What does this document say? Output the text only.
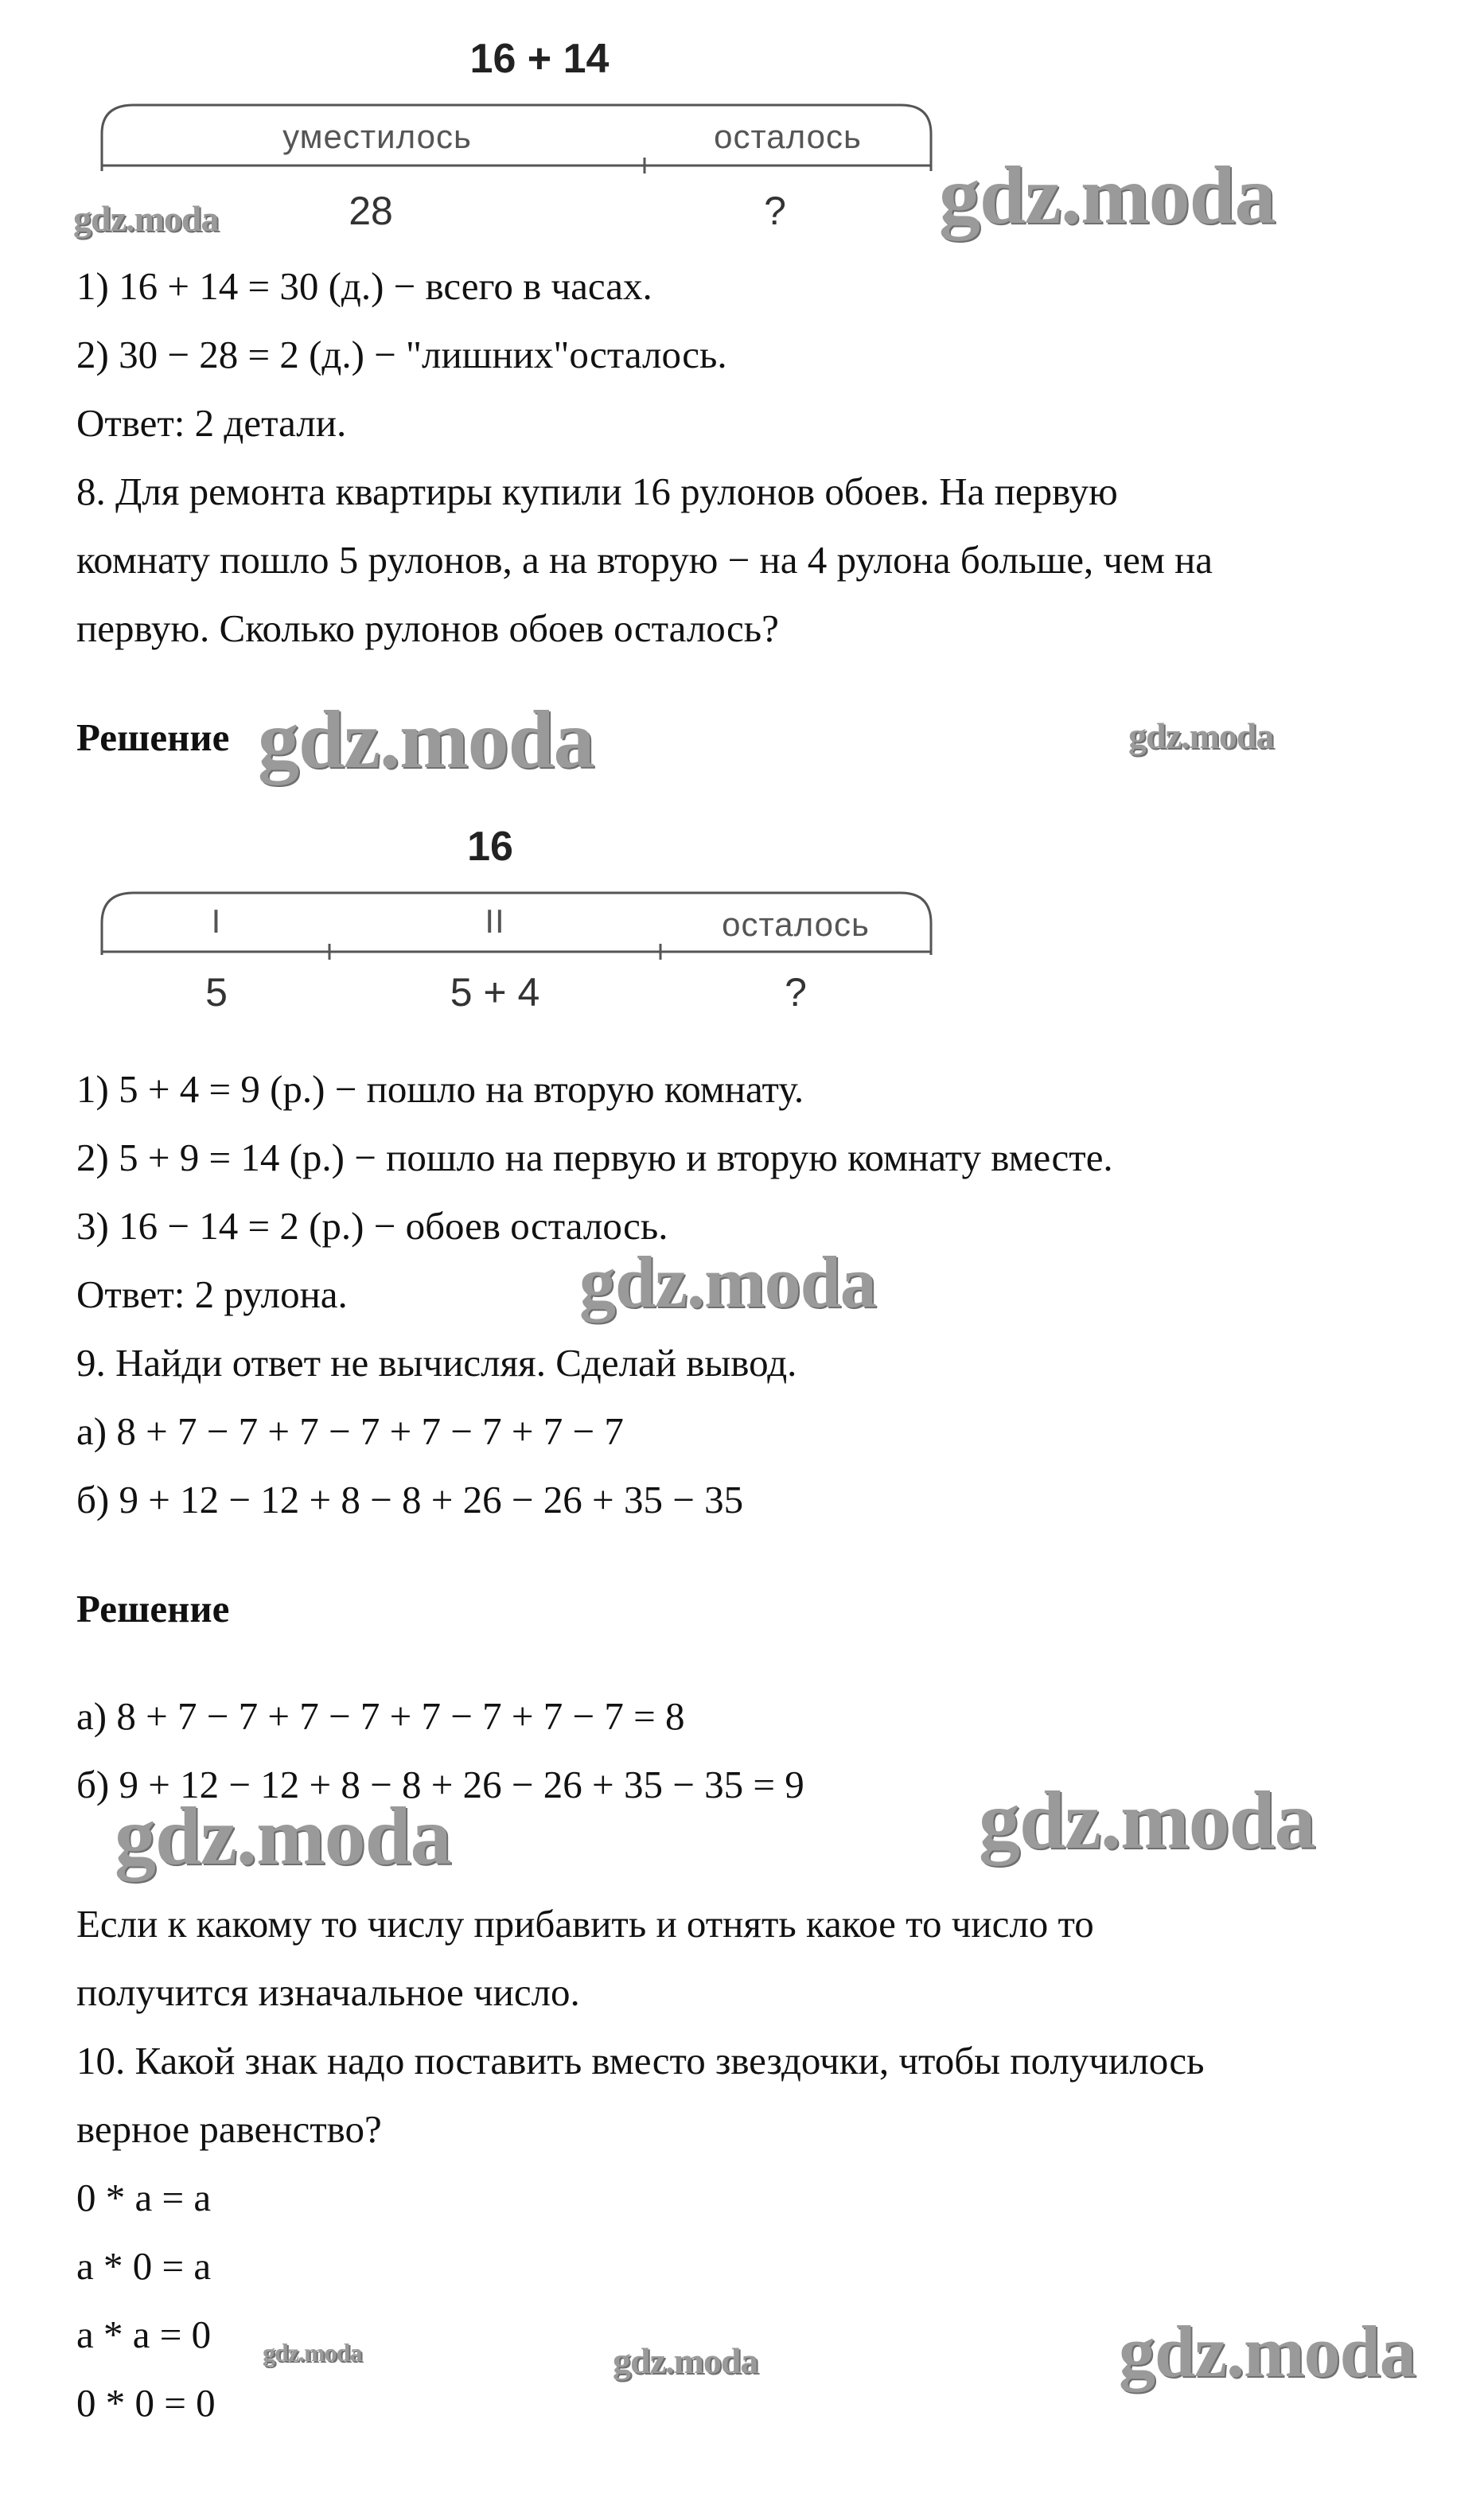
16 + 14
уместилось	осталось
28	?
1) 16 + 14 = 30 (д.) − всего в часах.
2) 30 − 28 = 2 (д.) − "лишних"осталось.
Ответ: 2 детали.
8. Для ремонта квартиры купили 16 рулонов обоев. На первую
комнату пошло 5 рулонов, а на вторую − на 4 рулона больше, чем на
первую. Сколько рулонов обоев осталось?
Решение
16
I	II	осталось
5	5 + 4	?
1) 5 + 4 = 9 (р.) − пошло на вторую комнату.
2) 5 + 9 = 14 (р.) − пошло на первую и вторую комнату вместе.
3) 16 − 14 = 2 (р.) − обоев осталось.
Ответ: 2 рулона.
9. Найди ответ не вычисляя. Сделай вывод.
а) 8 + 7 − 7 + 7 − 7 + 7 − 7 + 7 − 7
б) 9 + 12 − 12 + 8 − 8 + 26 − 26 + 35 − 35
Решение
а) 8 + 7 − 7 + 7 − 7 + 7 − 7 + 7 − 7 = 8
б) 9 + 12 − 12 + 8 − 8 + 26 − 26 + 35 − 35 = 9
Если к какому то числу прибавить и отнять какое то число то
получится изначальное число.
10. Какой знак надо поставить вместо звездочки, чтобы получилось
верное равенство?
0 * a = a
a * 0 = a
a * a = 0
0 * 0 = 0
gdz.moda	gdz.moda
gdz.moda	gdz.moda
gdz.moda
gdz.moda	gdz.moda
gdz.moda	gdz.moda	gdz.moda
